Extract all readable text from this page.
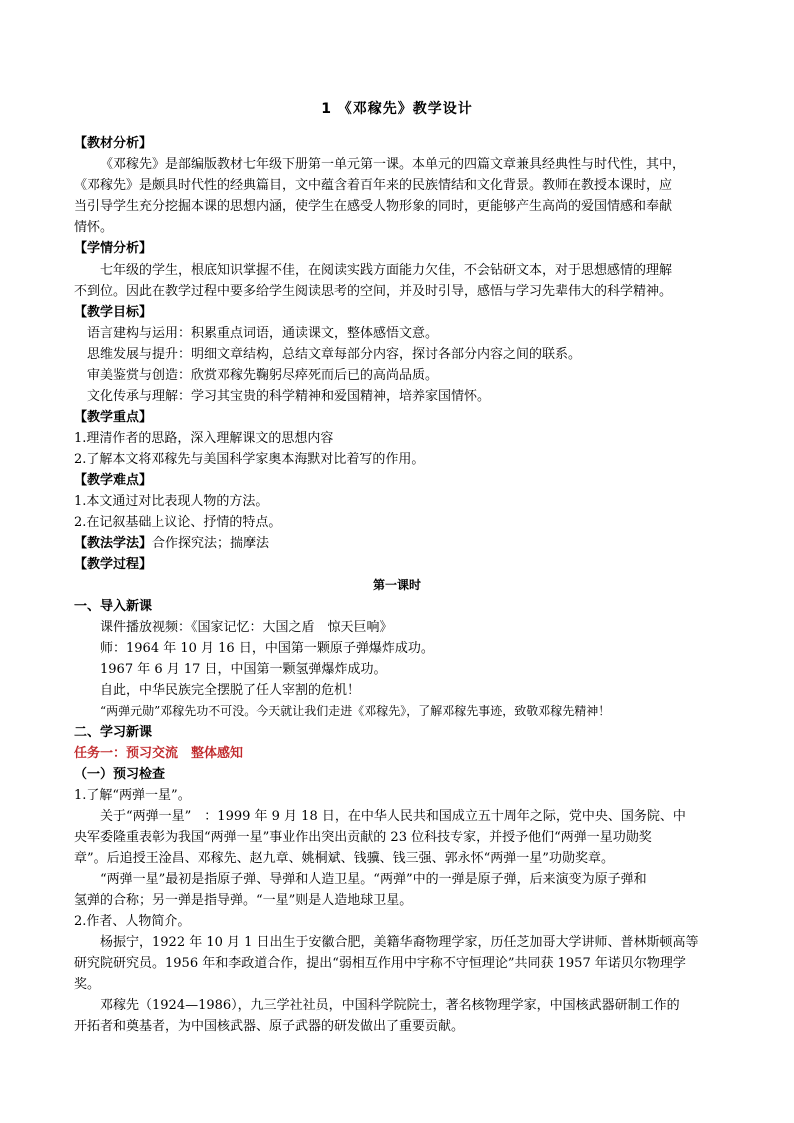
1 《邓稼先》教学设计
【教材分析】
《邓稼先》是部编版教材七年级下册第一单元第一课。本单元的四篇文章兼具经典性与时代性，其中，
《邓稼先》是颇具时代性的经典篇目，文中蕴含着百年来的民族情结和文化背景。教师在教授本课时，应
当引导学生充分挖掘本课的思想内涵，使学生在感受人物形象的同时，更能够产生高尚的爱国情感和奉献
情怀。
【学情分析】
七年级的学生，根底知识掌握不佳，在阅读实践方面能力欠佳，不会钻研文本，对于思想感情的理解
不到位。因此在教学过程中要多给学生阅读思考的空间，并及时引导，感悟与学习先辈伟大的科学精神。
【教学目标】
语言建构与运用：积累重点词语，通读课文，整体感悟文意。
思维发展与提升：明细文章结构，总结文章每部分内容，探讨各部分内容之间的联系。
审美鉴赏与创造：欣赏邓稼先鞠躬尽瘁死而后已的高尚品质。
文化传承与理解：学习其宝贵的科学精神和爱国精神，培养家国情怀。
【教学重点】
1.理清作者的思路，深入理解课文的思想内容
2.了解本文将邓稼先与美国科学家奥本海默对比着写的作用。
【教学难点】
1.本文通过对比表现人物的方法。
2.在记叙基础上议论、抒情的特点。
【教法学法】合作探究法；揣摩法
【教学过程】
第一课时
一、导入新课
课件播放视频：《国家记忆：大国之盾　惊天巨响》
师：1964 年 10 月 16 日，中国第一颗原子弹爆炸成功。
1967 年 6 月 17 日，中国第一颗氢弹爆炸成功。
自此，中华民族完全摆脱了任人宰割的危机！
“两弹元勋”邓稼先功不可没。今天就让我们走进《邓稼先》，了解邓稼先事迹，致敬邓稼先精神！
二、学习新课
任务一：预习交流　整体感知
（一）预习检查
1.了解“两弹一星”。
关于“两弹一星”　：1999 年 9 月 18 日，在中华人民共和国成立五十周年之际，党中央、国务院、中
央军委隆重表彰为我国“两弹一星”事业作出突出贡献的 23 位科技专家，并授予他们“两弹一星功勋奖
章”。后追授王淦昌、邓稼先、赵九章、姚桐斌、钱骥、钱三强、郭永怀“两弹一星”功勋奖章。
“两弹一星”最初是指原子弹、导弹和人造卫星。“两弹”中的一弹是原子弹，后来演变为原子弹和
氢弹的合称；另一弹是指导弹。“一星”则是人造地球卫星。
2.作者、人物简介。
杨振宁，1922 年 10 月 1 日出生于安徽合肥，美籍华裔物理学家，历任芝加哥大学讲师、普林斯顿高等
研究院研究员。1956 年和李政道合作，提出“弱相互作用中宇称不守恒理论”共同获 1957 年诺贝尔物理学
奖。
邓稼先（1924—1986），九三学社社员，中国科学院院士，著名核物理学家，中国核武器研制工作的
开拓者和奠基者，为中国核武器、原子武器的研发做出了重要贡献。
